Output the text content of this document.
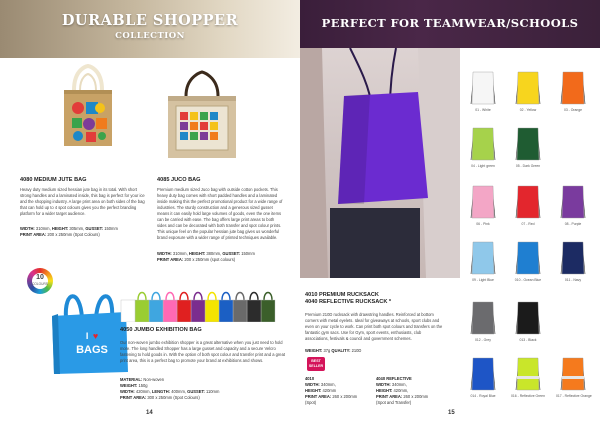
DURABLE SHOPPER
COLLECTION
4080 MEDIUM JUTE BAG
Heavy duty medium sized hessian jute bag in its total. With short strong handles and a laminated inside, this bag is perfect for your ice and the shopping industry. A large print area on both sides of the bag that can hold up to 4 spot colours gives you the perfect branding platform for a wider target audience.
WIDTH: 310mm, HEIGHT: 305mm, GUSSET: 150mm
PRINT AREA: 200 x 250mm (Spot Colours)
4085 JUCO BAG
Premium medium sized Juco bag with outside cotton pockets. This heavy duty bag comes with short padded handles and a laminated inside making this the perfect promotional product for a wide range of industries. The sturdy construction and a generous sized gusset means it can easily hold large volumes of goods, even the one items can be carried with ease. The bag offers large print areas to both sides and can be decorated with both transfer and spot colour prints. This unique feel on the popular hessian jute bag gives us wonderful brand exposure with a wider range of printed techniques available.
WIDTH: 310mm, HEIGHT: 380mm, GUSSET: 150mm
PRINT AREA: 200 x 250mm (spot colours)
10
COLOURS
I ♥
BAGS
4050 JUMBO EXHIBITION BAG
Our non-woven jumbo exhibition shopper is a great alternative when you just need to hold more. The long handled Shopper has a large gusset and capacity and a secure Velcro fastening to hold goods in. With the option of both spot colour and transfer print and a great print area, this is a perfect bag to promote your brand at exhibitions and shows.
MATERIAL: Non-woven
WEIGHT: 150g
WIDTH: 420mm, LENGTH: 400mm, GUSSET: 110mm
PRINT AREA: 300 x 250mm (Spot Colours)
14
PERFECT FOR TEAMWEAR/SCHOOLS
01 - White	02 - Yellow	03 - Orange
04 - Light green	05 - Dark Green
06 - Pink	07 - Red	08 - Purple
09 - Light Blue	010 - Ocean Blue	011 - Navy
012 - Grey	013 - Black
014 - Royal Blue	016 - Reflective Green	017 - Reflective Orange
4010 PREMIUM RUCKSACK
4040 REFLECTIVE RUCKSACK *
Premium 210D rucksack with drawstring handles. Reinforced at bottom corners with metal eyelets. Ideal for giveaways at schools, sport clubs and even on your cycle to work. Can print both spot colours and transfers on the fantastic gym sacs. Use for Gym, sport events, enthusiasts, club associations, festivals & council and government schemes.
WEIGHT: 37g QUALITY: 210D
BEST SELLER
4010
WIDTH: 340mm,
HEIGHT: 420mm
PRINT AREA: 260 x 200mm
(Spot)
4040 REFLECTIVE
WIDTH: 340mm,
HEIGHT: 420mm,
PRINT AREA: 260 x 200mm
(Spot and Transfer)
15
